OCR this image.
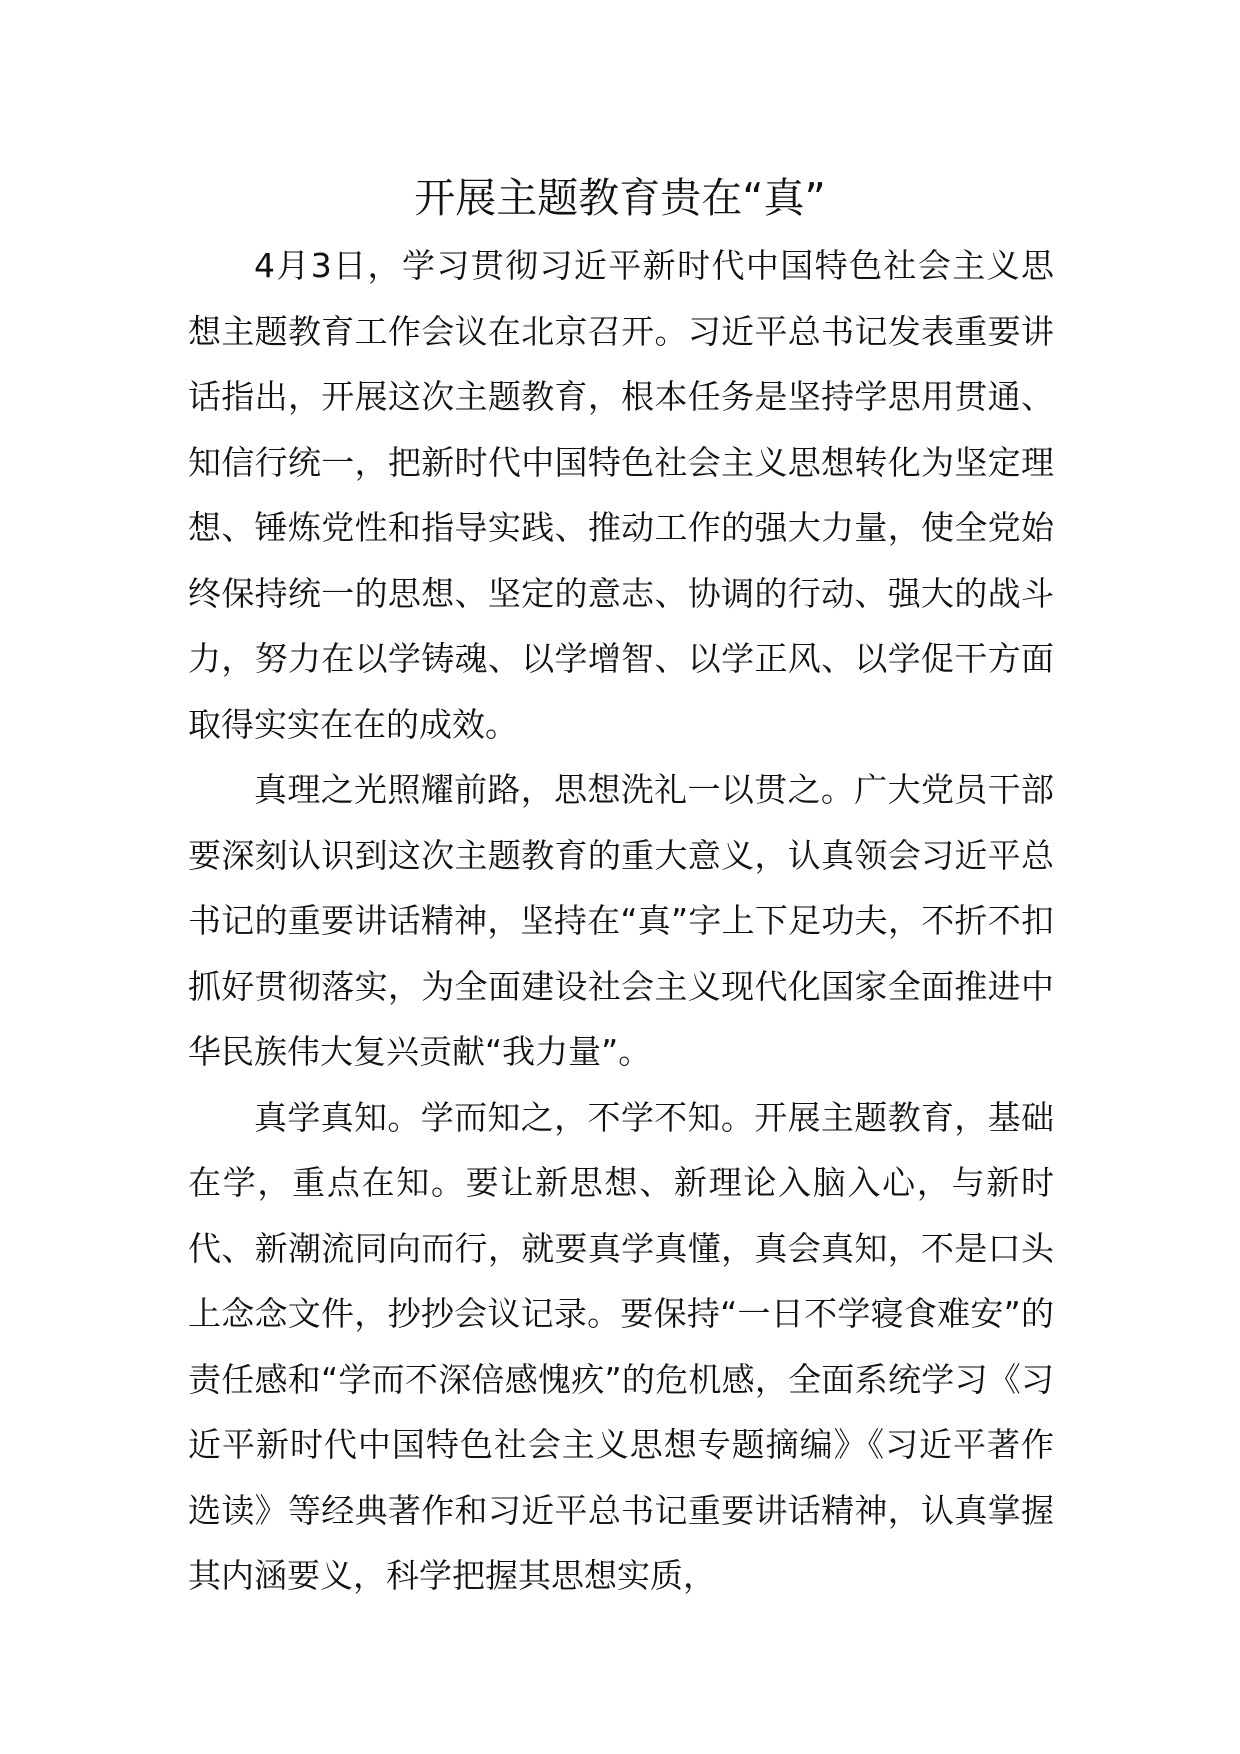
开展主题教育贵在“真”

4月3日，学习贯彻习近平新时代中国特色社会主义思想主题教育工作会议在北京召开。习近平总书记发表重要讲话指出，开展这次主题教育，根本任务是坚持学思用贯通、知信行统一，把新时代中国特色社会主义思想转化为坚定理想、锤炼党性和指导实践、推动工作的强大力量，使全党始终保持统一的思想、坚定的意志、协调的行动、强大的战斗力，努力在以学铸魂、以学增智、以学正风、以学促干方面取得实实在在的成效。

真理之光照耀前路，思想洗礼一以贯之。广大党员干部要深刻认识到这次主题教育的重大意义，认真领会习近平总书记的重要讲话精神，坚持在“真”字上下足功夫，不折不扣抓好贯彻落实，为全面建设社会主义现代化国家全面推进中华民族伟大复兴贡献“我力量”。

真学真知。学而知之，不学不知。开展主题教育，基础在学，重点在知。要让新思想、新理论入脑入心，与新时代、新潮流同向而行，就要真学真懂，真会真知，不是口头上念念文件，抄抄会议记录。要保持“一日不学寝食难安”的责任感和“学而不深倍感愧疚”的危机感，全面系统学习《习近平新时代中国特色社会主义思想专题摘编》《习近平著作选读》等经典著作和习近平总书记重要讲话精神，认真掌握其内涵要义，科学把握其思想实质，
